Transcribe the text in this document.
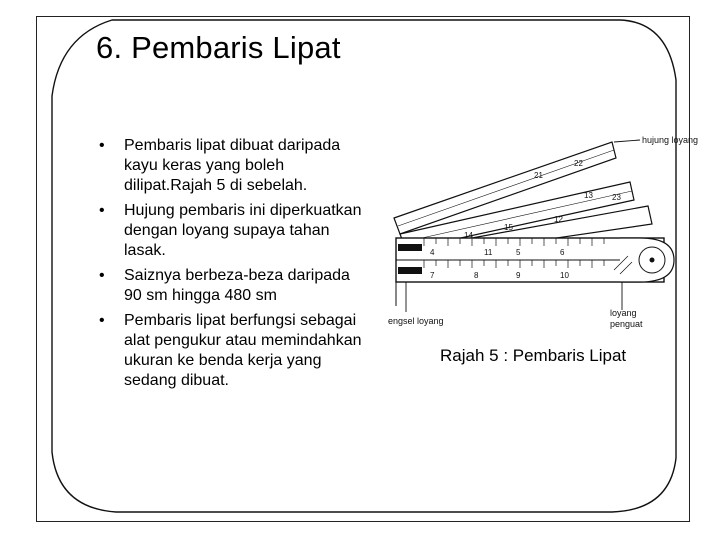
6. Pembaris Lipat
• Pembaris lipat dibuat daripada kayu keras yang boleh dilipat.Rajah 5 di sebelah.
• Hujung pembaris ini diperkuatkan dengan loyang supaya tahan lasak.
• Saiznya berbeza-beza daripada 90 sm hingga 480 sm
• Pembaris lipat berfungsi sebagai alat pengukur atau memindahkan ukuran ke benda kerja yang sedang dibuat.
7	8	9	10
4	5	6
11
13
12
14
15
21
22
23
hujung loyang
engsel loyang
loyang
penguat
Rajah 5 : Pembaris Lipat
